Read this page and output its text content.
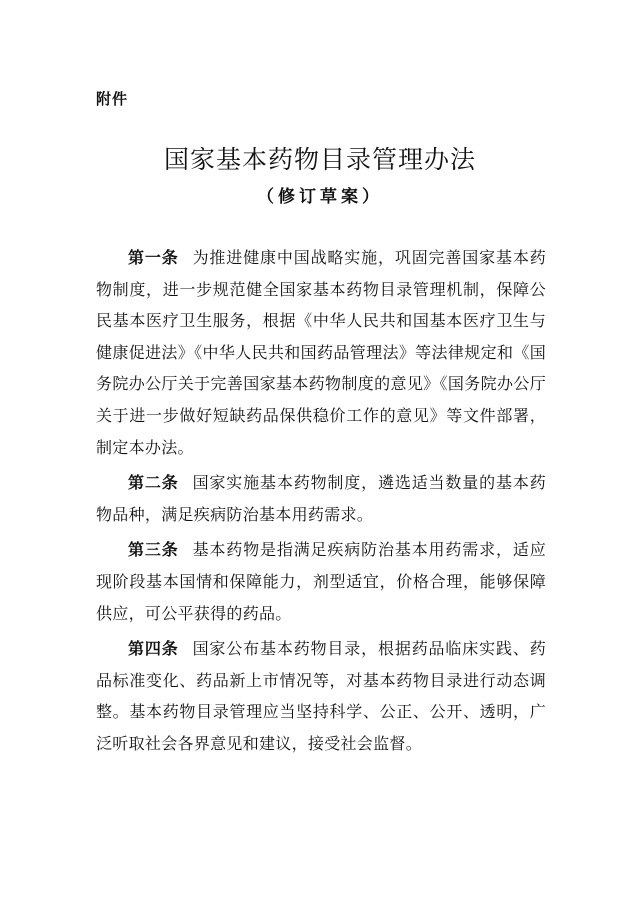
附件
国家基本药物目录管理办法
（修订草案）

第一条 为推进健康中国战略实施，巩固完善国家基本药物制度，进一步规范健全国家基本药物目录管理机制，保障公民基本医疗卫生服务，根据《中华人民共和国基本医疗卫生与健康促进法》《中华人民共和国药品管理法》等法律规定和《国务院办公厅关于完善国家基本药物制度的意见》《国务院办公厅关于进一步做好短缺药品保供稳价工作的意见》等文件部署，制定本办法。

第二条 国家实施基本药物制度，遴选适当数量的基本药物品种，满足疾病防治基本用药需求。

第三条 基本药物是指满足疾病防治基本用药需求，适应现阶段基本国情和保障能力，剂型适宜，价格合理，能够保障供应，可公平获得的药品。

第四条 国家公布基本药物目录，根据药品临床实践、药品标准变化、药品新上市情况等，对基本药物目录进行动态调整。基本药物目录管理应当坚持科学、公正、公开、透明，广泛听取社会各界意见和建议，接受社会监督。
